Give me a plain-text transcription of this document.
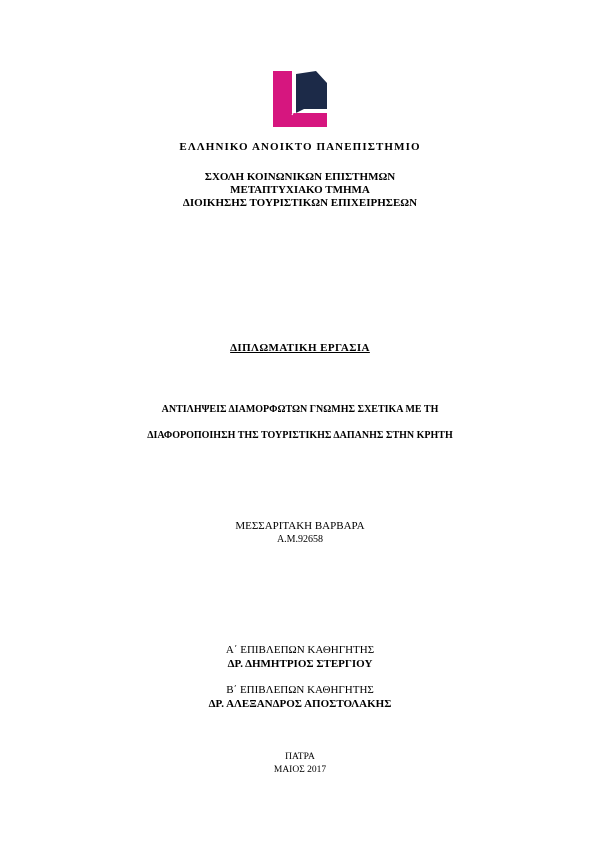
ΕΛΛΗΝΙΚΟ ΑΝΟΙΚΤΟ ΠΑΝΕΠΙΣΤΗΜΙΟ
ΣΧΟΛΗ ΚΟΙΝΩΝΙΚΩΝ ΕΠΙΣΤΗΜΩΝ
ΜΕΤΑΠΤΥΧΙΑΚΟ ΤΜΗΜΑ
ΔΙΟΙΚΗΣΗΣ ΤΟΥΡΙΣΤΙΚΩΝ ΕΠΙΧΕΙΡΗΣΕΩΝ
ΔΙΠΛΩΜΑΤΙΚΗ ΕΡΓΑΣΙΑ
ΑΝΤΙΛΗΨΕΙΣ ΔΙΑΜΟΡΦΩΤΩΝ ΓΝΩΜΗΣ ΣΧΕΤΙΚΑ ΜΕ ΤΗ
ΔΙΑΦΟΡΟΠΟΙΗΣΗ ΤΗΣ ΤΟΥΡΙΣΤΙΚΗΣ ΔΑΠΑΝΗΣ ΣΤΗΝ ΚΡΗΤΗ
ΜΕΣΣΑΡΙΤΑΚΗ ΒΑΡΒΑΡΑ
Α.Μ.92658
Α΄ ΕΠΙΒΛΕΠΩΝ ΚΑΘΗΓΗΤΗΣ
ΔΡ. ΔΗΜΗΤΡΙΟΣ ΣΤΕΡΓΙΟΥ
Β΄ ΕΠΙΒΛΕΠΩΝ ΚΑΘΗΓΗΤΗΣ
ΔΡ. ΑΛΕΞΑΝΔΡΟΣ ΑΠΟΣΤΟΛΑΚΗΣ
ΠΑΤΡΑ
ΜΑΙΟΣ 2017
